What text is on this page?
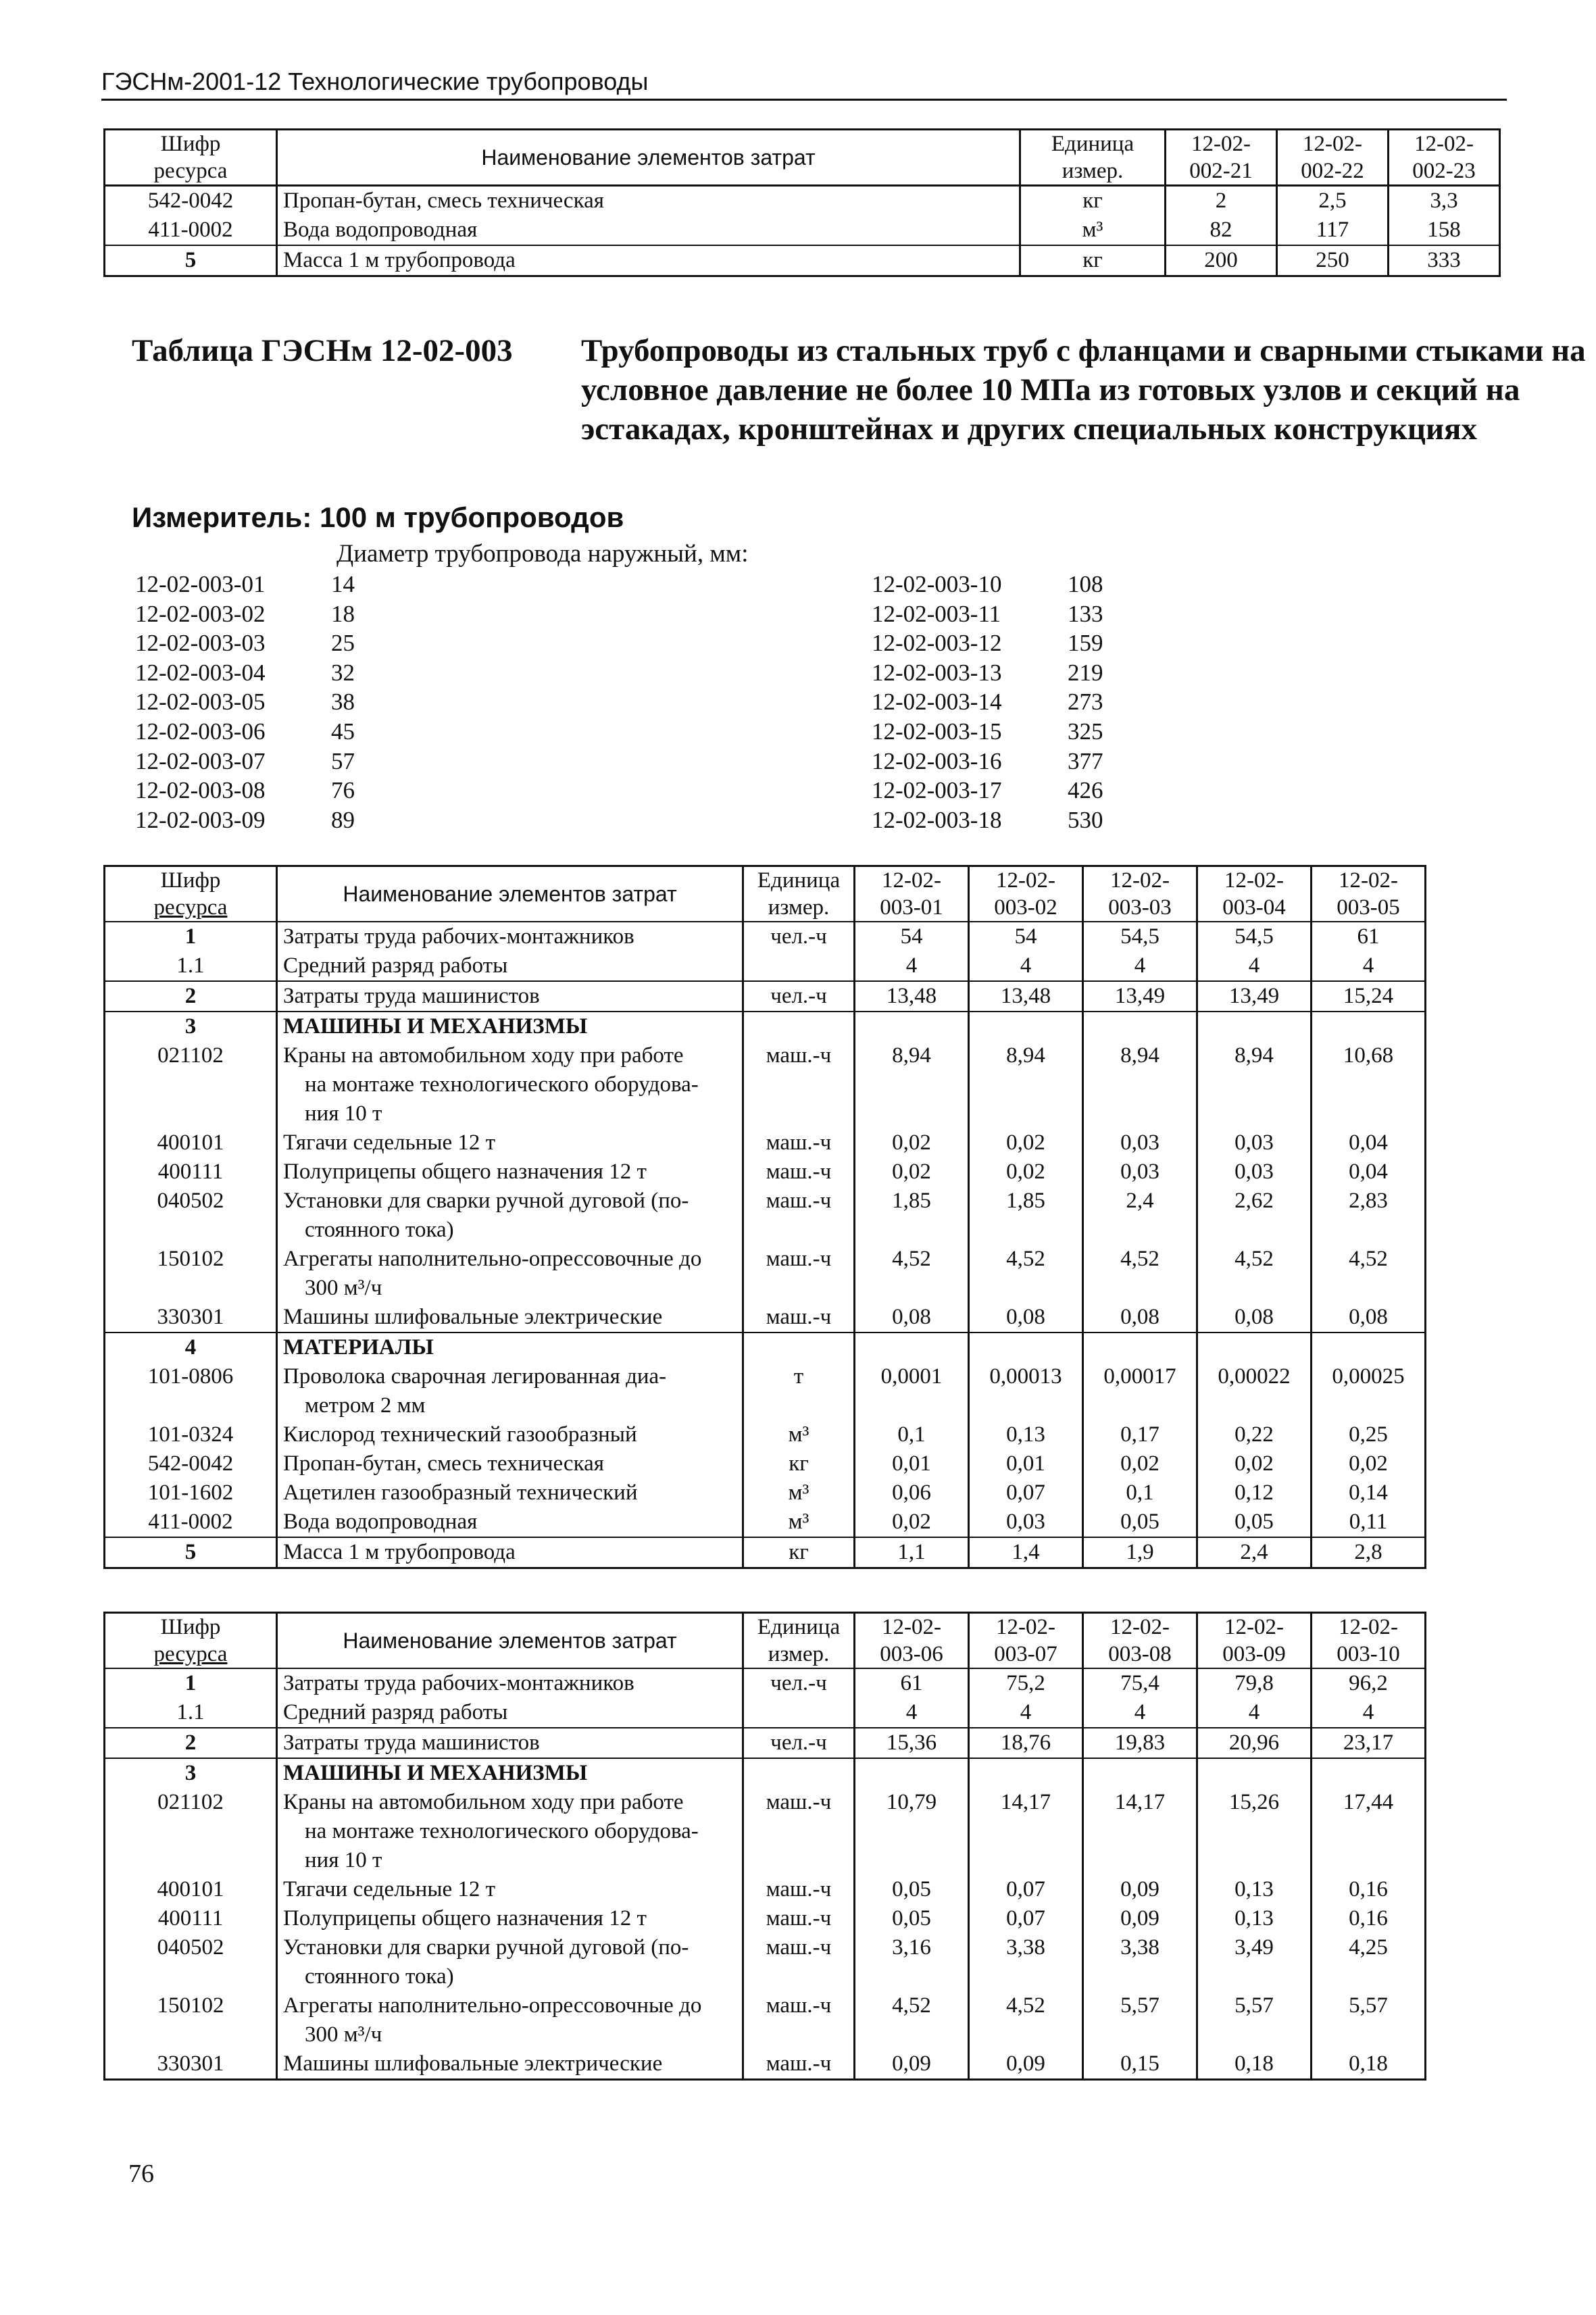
ГЭСНм-2001-12 Технологические трубопроводы
Шифр	Наименование элементов затрат	Единица	12-02-	12-02-	12-02-
ресурса		измер.	002-21	002-22	002-23
542-0042	Пропан-бутан, смесь техническая	кг	2	2,5	3,3
411-0002	Вода водопроводная	м³	82	117	158
5	Масса 1 м трубопровода	кг	200	250	333
Таблица ГЭСНм 12-02-003 Трубопроводы из стальных труб с фланцами и сварными стыками на условное давление не более 10 МПа из готовых узлов и секций на эстакадах, кронштейнах и других специальных конструкциях
Измеритель: 100 м трубопроводов
Диаметр трубопровода наружный, мм:
12-02-003-01	14
12-02-003-02	18
12-02-003-03	25
12-02-003-04	32
12-02-003-05	38
12-02-003-06	45
12-02-003-07	57
12-02-003-08	76
12-02-003-09	89
12-02-003-10	108
12-02-003-11	133
12-02-003-12	159
12-02-003-13	219
12-02-003-14	273
12-02-003-15	325
12-02-003-16	377
12-02-003-17	426
12-02-003-18	530
Шифр	Наименование элементов затрат	Единица	12-02-	12-02-	12-02-	12-02-	12-02-
ресурса		измер.	003-01	003-02	003-03	003-04	003-05
1	Затраты труда рабочих-монтажников	чел.-ч	54	54	54,5	54,5	61
1.1	Средний разряд работы		4	4	4	4	4
2	Затраты труда машинистов	чел.-ч	13,48	13,48	13,49	13,49	15,24
3	МАШИНЫ И МЕХАНИЗМЫ						

021102	Краны на автомобильном ходу при работе
на монтаже технологического оборудова-
ния 10 т	маш.-ч	8,94	8,94	8,94	8,94	10,68
400101	Тягачи седельные 12 т	маш.-ч	0,02	0,02	0,03	0,03	0,04
400111	Полуприцепы общего назначения 12 т	маш.-ч	0,02	0,02	0,03	0,03	0,04
040502	Установки для сварки ручной дуговой (по-
стоянного тока)	маш.-ч	1,85	1,85	2,4	2,62	2,83
150102	Агрегаты наполнительно-опрессовочные до
300 м³/ч	маш.-ч	4,52	4,52	4,52	4,52	4,52
330301	Машины шлифовальные электрические	маш.-ч	0,08	0,08	0,08	0,08	0,08
4	МАТЕРИАЛЫ						

101-0806	Проволока сварочная легированная диа-
метром 2 мм	т	0,0001	0,00013	0,00017	0,00022	0,00025
101-0324	Кислород технический газообразный	м³	0,1	0,13	0,17	0,22	0,25
542-0042	Пропан-бутан, смесь техническая	кг	0,01	0,01	0,02	0,02	0,02
101-1602	Ацетилен газообразный технический	м³	0,06	0,07	0,1	0,12	0,14
411-0002	Вода водопроводная	м³	0,02	0,03	0,05	0,05	0,11
5	Масса 1 м трубопровода	кг	1,1	1,4	1,9	2,4	2,8
Шифр	Наименование элементов затрат	Единица	12-02-	12-02-	12-02-	12-02-	12-02-
ресурса		измер.	003-06	003-07	003-08	003-09	003-10
1	Затраты труда рабочих-монтажников	чел.-ч	61	75,2	75,4	79,8	96,2
1.1	Средний разряд работы		4	4	4	4	4
2	Затраты труда машинистов	чел.-ч	15,36	18,76	19,83	20,96	23,17
3	МАШИНЫ И МЕХАНИЗМЫ						

021102	Краны на автомобильном ходу при работе
на монтаже технологического оборудова-
ния 10 т	маш.-ч	10,79	14,17	14,17	15,26	17,44
400101	Тягачи седельные 12 т	маш.-ч	0,05	0,07	0,09	0,13	0,16
400111	Полуприцепы общего назначения 12 т	маш.-ч	0,05	0,07	0,09	0,13	0,16
040502	Установки для сварки ручной дуговой (по-
стоянного тока)	маш.-ч	3,16	3,38	3,38	3,49	4,25
150102	Агрегаты наполнительно-опрессовочные до
300 м³/ч	маш.-ч	4,52	4,52	5,57	5,57	5,57
330301	Машины шлифовальные электрические	маш.-ч	0,09	0,09	0,15	0,18	0,18
76
